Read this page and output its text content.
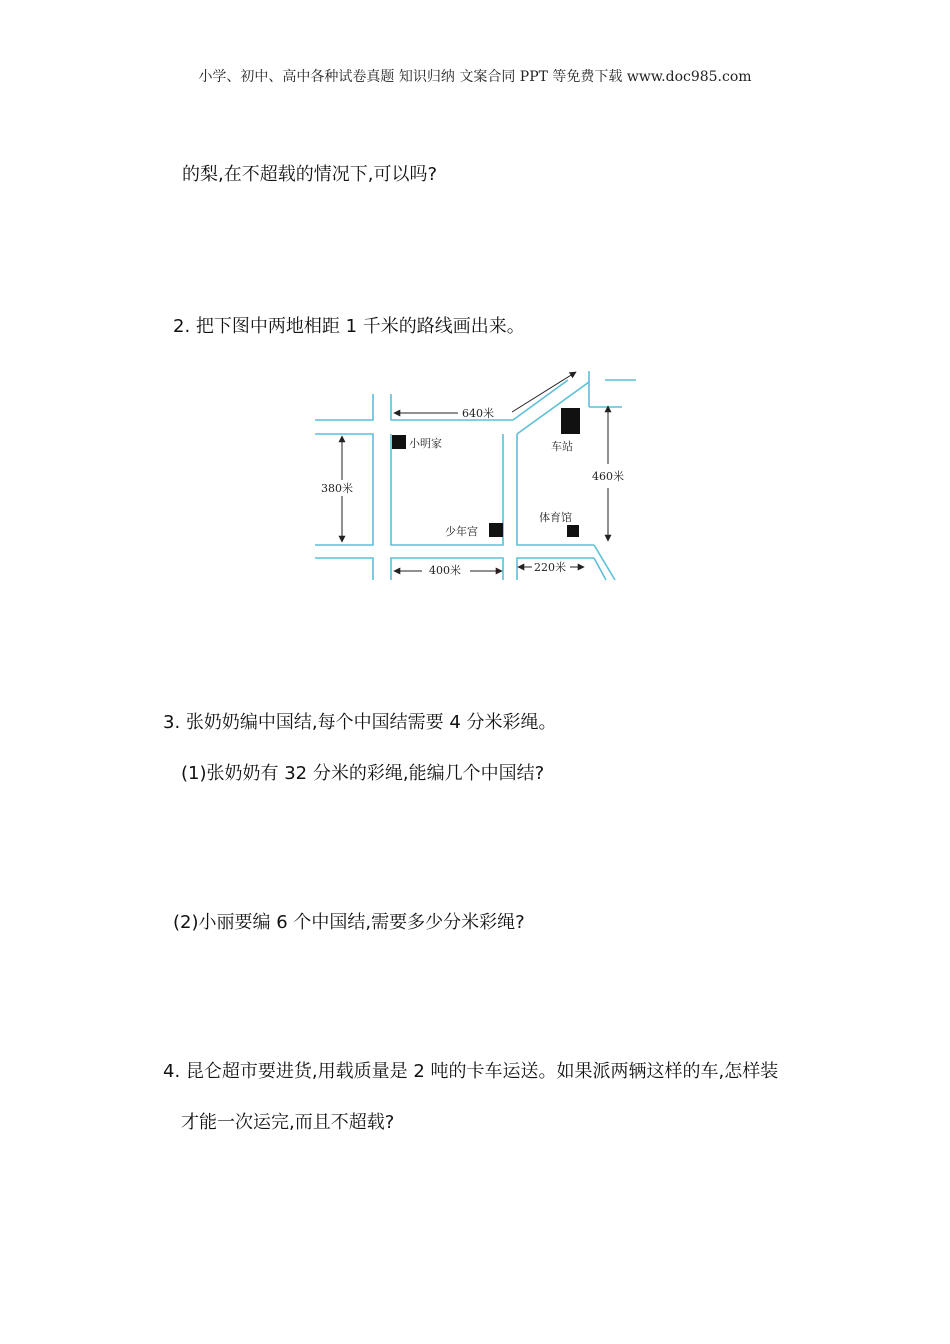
小学、初中、高中各种试卷真题 知识归纳 文案合同 PPT 等免费下载 www.doc985.com
的梨,在不超载的情况下,可以吗?
2. 把下图中两地相距 1 千米的路线画出来。
小明家	车站
少年宫
体育馆
640米
380米
460米
400米	220米
3. 张奶奶编中国结,每个中国结需要 4 分米彩绳。
(1)张奶奶有 32 分米的彩绳,能编几个中国结?
(2)小丽要编 6 个中国结,需要多少分米彩绳?
4. 昆仑超市要进货,用载质量是 2 吨的卡车运送。如果派两辆这样的车,怎样装
才能一次运完,而且不超载?
